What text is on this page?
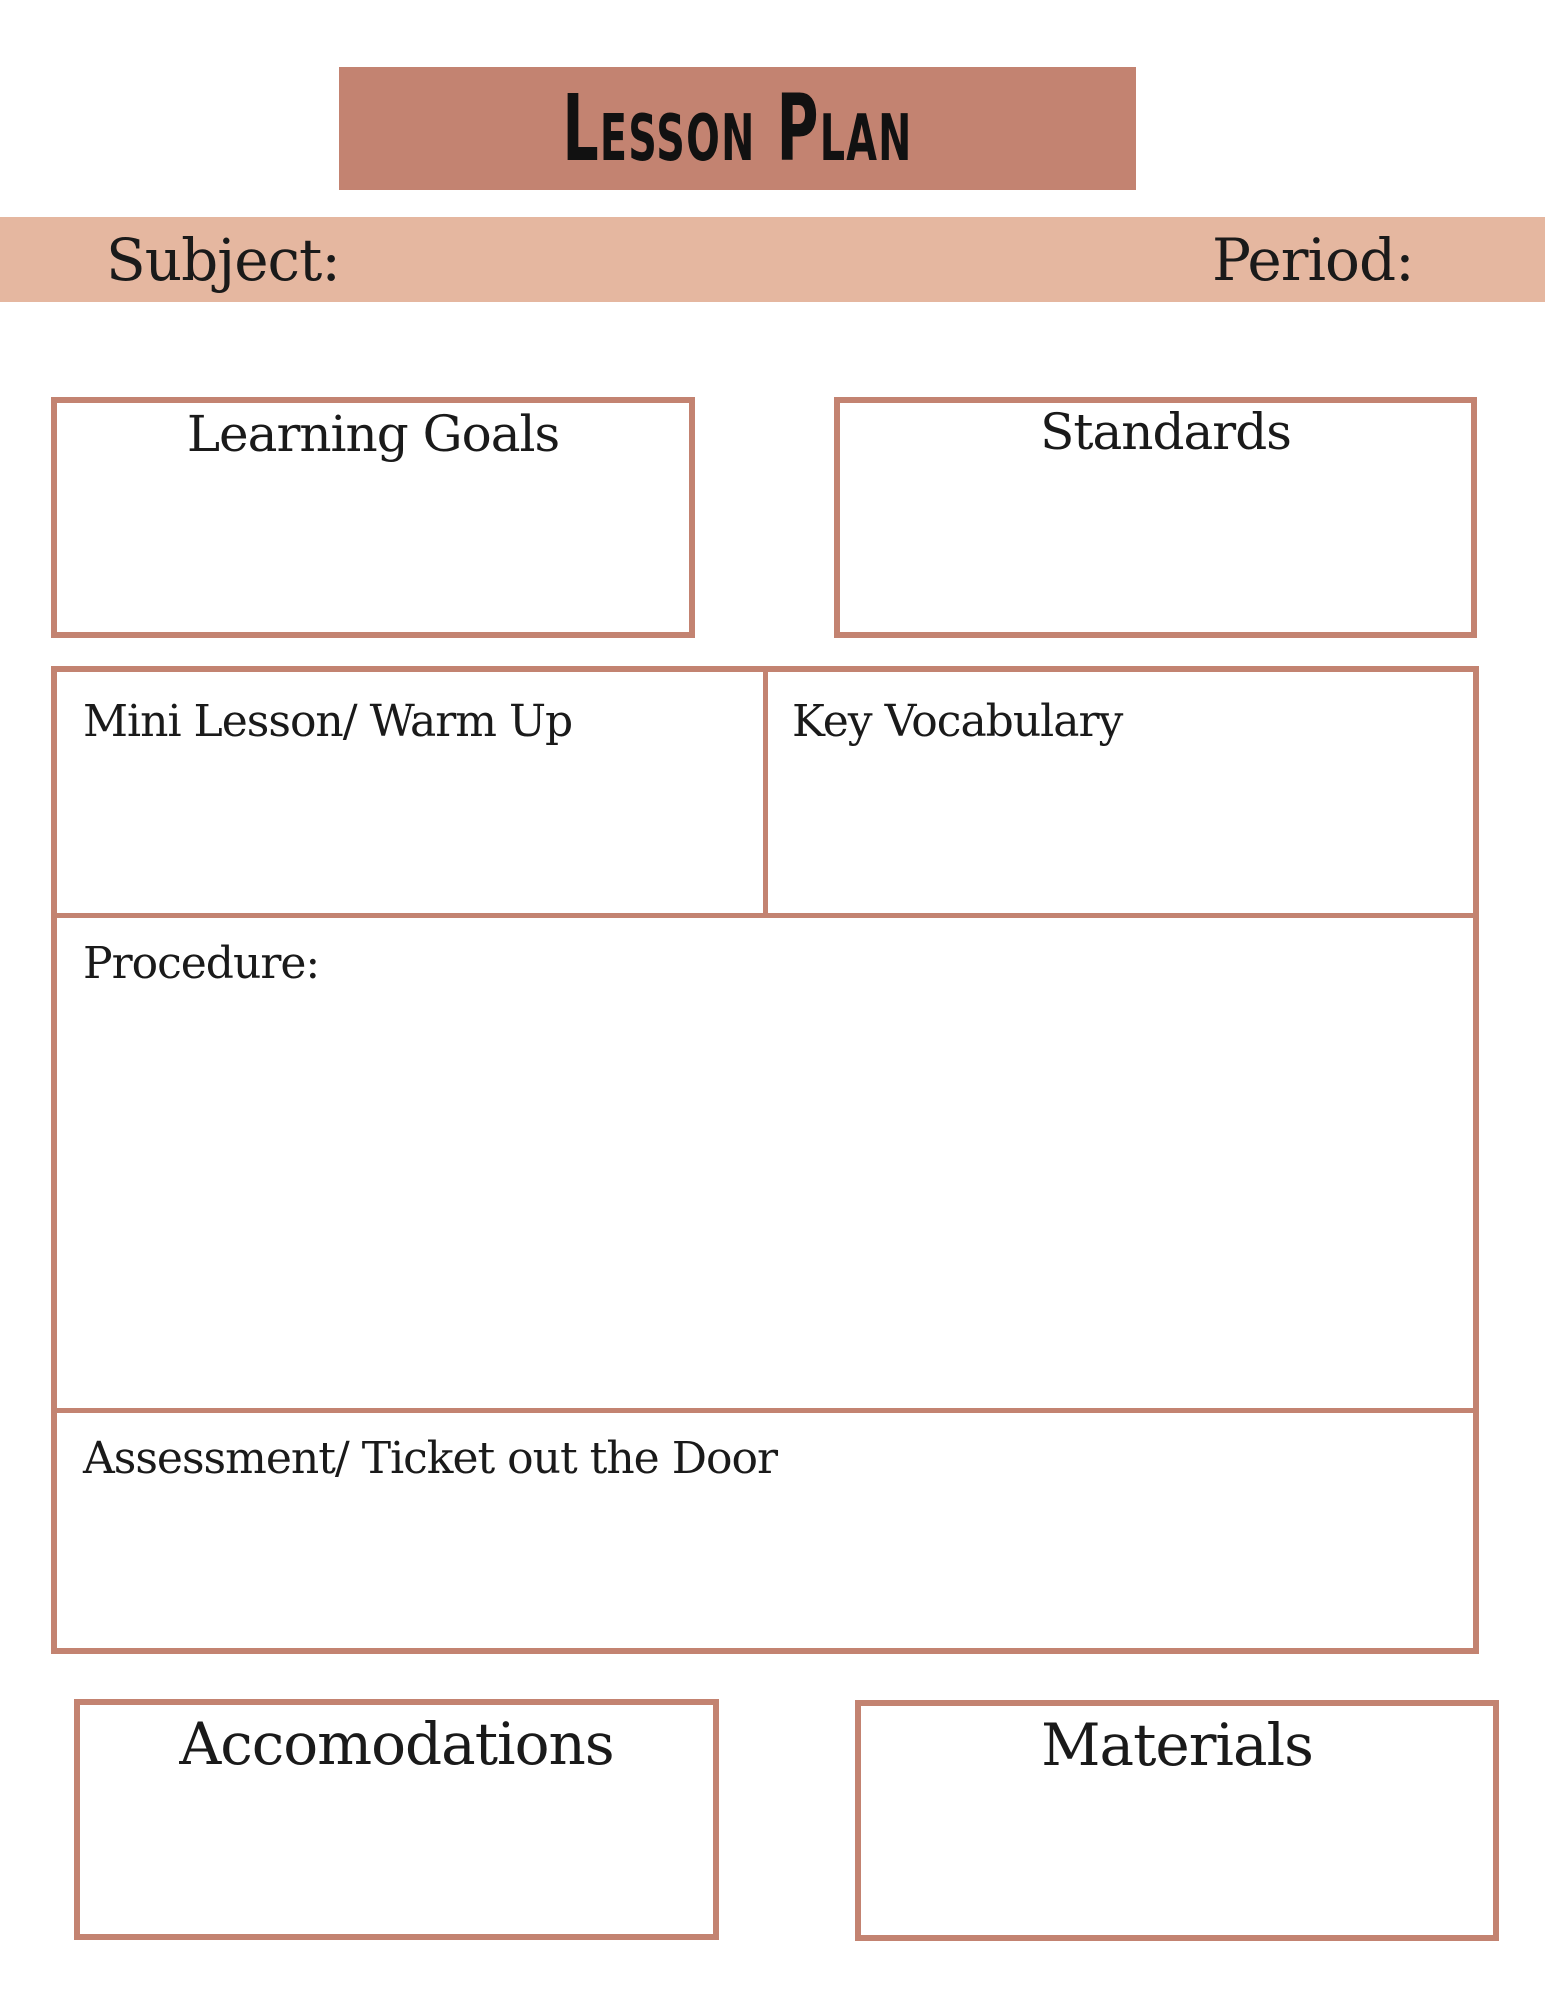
Lesson Plan
Subject:	Period:
Learning Goals	Standards
Mini Lesson/ Warm Up	Key Vocabulary
Procedure:
Assessment/ Ticket out the Door
Accomodations	Materials
